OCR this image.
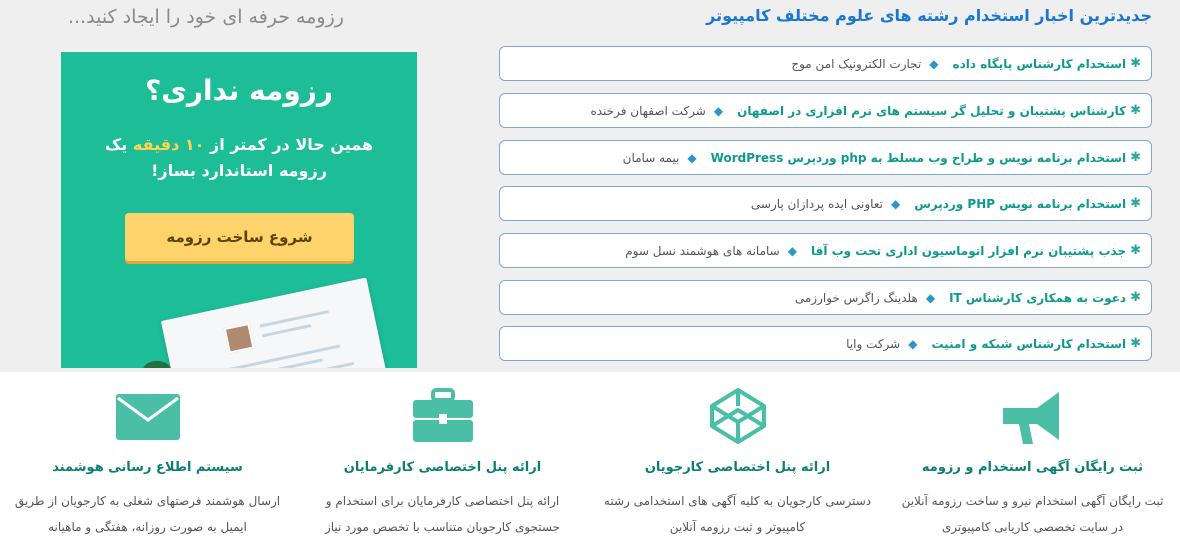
جدیدترین اخبار استخدام رشته های علوم مختلف کامپیوتر
✱
استخدام کارشناس پایگاه داده
◆
تجارت الکترونیک امن موج
✱
کارشناس پشتیبان و تحلیل گر سیستم های نرم افزاری در اصفهان
◆
شرکت اصفهان فرخنده
✱
استخدام برنامه نویس و طراح وب مسلط به php وردپرس WordPress
◆
بیمه سامان
✱
استخدام برنامه نویس PHP وردپرس
◆
تعاونی ایده پردازان پارسی
✱
جذب پشتیبان نرم افزار اتوماسیون اداری تحت وب آقا
◆
سامانه های هوشمند نسل سوم
✱
دعوت به همکاری کارشناس IT
◆
هلدینگ زاگرس خوارزمی
✱
استخدام کارشناس شبکه و امنیت
◆
شرکت وایا
رزومه حرفه ای خود را ایجاد کنید...
رزومه نداری؟
همین حالا در کمتر از ۱۰ دقیقه یک
رزومه استاندارد بساز!
شروع ساخت رزومه
ثبت رایگان آگهی استخدام و رزومه
ثبت رایگان آگهی استخدام نیرو و ساخت رزومه آنلاین در سایت تخصصی کاریابی کامپیوتری
ارائه پنل اختصاصی کارجویان
دسترسی کارجویان به کلیه آگهی های استخدامی رشته کامپیوتر و ثبت رزومه آنلاین
ارائه پنل اختصاصی کارفرمایان
ارائه پنل اختصاصی کارفرمایان برای استخدام و جستجوی کارجویان متناسب با تخصص مورد نیاز
سیستم اطلاع رسانی هوشمند
ارسال هوشمند فرصتهای شغلی به کارجویان از طریق ایمیل به صورت روزانه، هفتگی و ماهیانه
